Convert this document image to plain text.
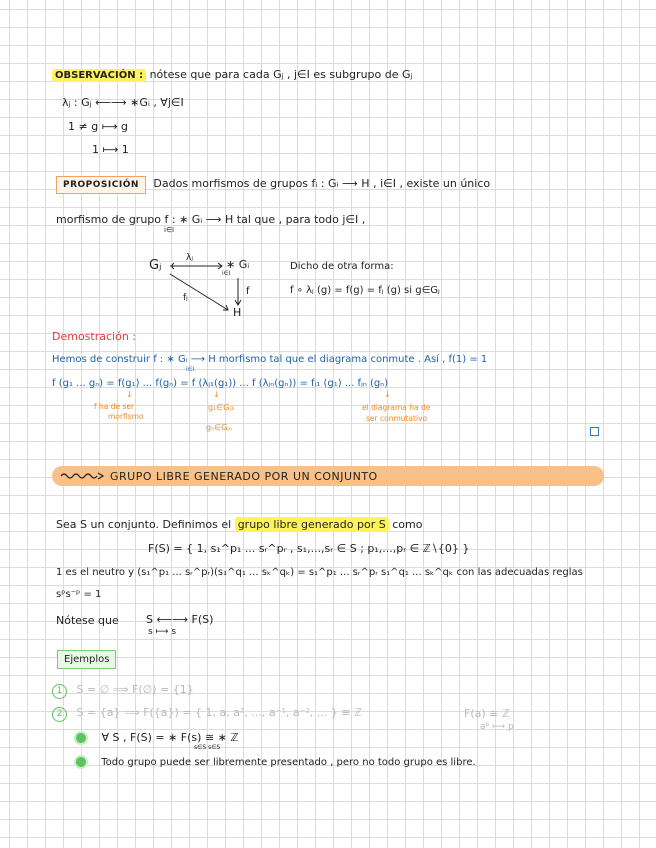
OBSERVACIÓN : nótese que para cada Gⱼ , j∈I es subgrupo de Gⱼ
λⱼ : Gⱼ ⟵⟶ ∗Gᵢ , ∀j∈I
1 ≠ g ⟼ g
1 ⟼ 1
PROPOSICIÓN Dados morfismos de grupos fᵢ : Gᵢ ⟶ H , i∈I , existe un único
morfismo de grupo f : ∗ Gᵢ ⟶ H tal que , para todo j∈I ,
i∈I
Gⱼ	λⱼ	∗ Gᵢ
i∈I
f
fⱼ
H
Dicho de otra forma:
f ∘ λⱼ (g) = f(g) = fⱼ (g) si g∈Gⱼ
Demostración :
Hemos de construir f : ∗ Gᵢ ⟶ H morfismo tal que el diagrama conmute . Así , f(1) = 1
i∈I
f (g₁ ... gₙ) = f(g₁) ... f(gₙ) = f (λⱼ₁(g₁)) ... f (λⱼₙ(gₙ)) = fⱼ₁ (g₁) ... fⱼₙ (gₙ)
↓
f ha de ser
morfismo
↓
g₁∈Gⱼ₁
gₙ∈Gⱼₙ
↓
el diagrama ha de
ser conmutativo
GRUPO LIBRE GENERADO POR UN CONJUNTO
Sea S un conjunto. Definimos el grupo libre generado por S como
F(S) = { 1, s₁^p₁ ... sᵣ^pᵣ , s₁,...,sᵣ ∈ S ; p₁,...,pᵣ ∈ ℤ∖{0} }
1 es el neutro y (s₁^p₁ ... sᵣ^pᵣ)(s₁^q₁ ... sₖ^qₖ) = s₁^p₁ ... sᵣ^pᵣ s₁^q₁ ... sₖ^qₖ con las adecuadas reglas
sᵖs⁻ᵖ = 1
Nótese que S ⟵⟶ F(S)
s ⟼ s
Ejemplos
1 S = ∅ ⟹ F(∅) = {1}
2 S = {a} ⟹ F({a}) = { 1, a, a², ..., a⁻¹, a⁻², ... } ≅ ℤ	F(a) ≅ ℤ
aᵖ ⟼ p
∀ S , F(S) = ∗ F(s) ≅ ∗ ℤ
s∈S s∈S
Todo grupo puede ser libremente presentado , pero no todo grupo es libre.
